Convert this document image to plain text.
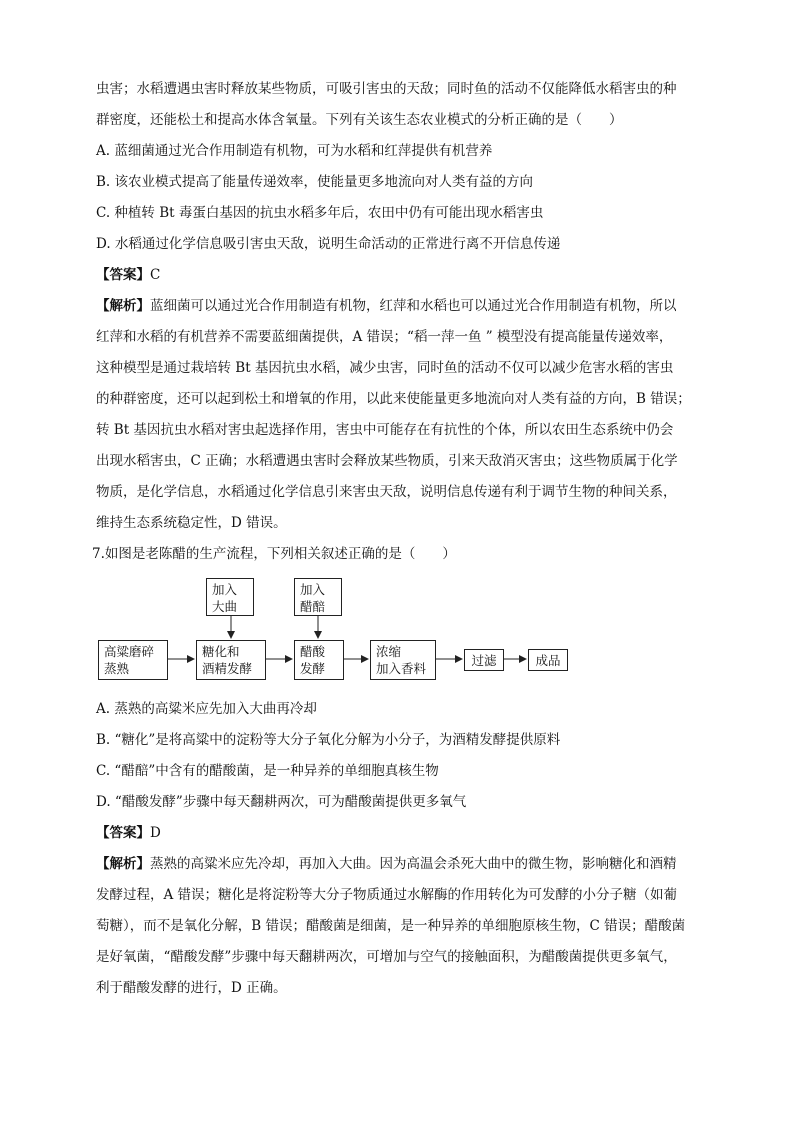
虫害；水稻遭遇虫害时释放某些物质，可吸引害虫的天敌；同时鱼的活动不仅能降低水稻害虫的种

群密度，还能松土和提高水体含氧量。下列有关该生态农业模式的分析正确的是（　　）

A. 蓝细菌通过光合作用制造有机物，可为水稻和红萍提供有机营养

B. 该农业模式提高了能量传递效率，使能量更多地流向对人类有益的方向

C. 种植转 Bt 毒蛋白基因的抗虫水稻多年后，农田中仍有可能出现水稻害虫

D. 水稻通过化学信息吸引害虫天敌，说明生命活动的正常进行离不开信息传递

【答案】C

【解析】蓝细菌可以通过光合作用制造有机物，红萍和水稻也可以通过光合作用制造有机物，所以

红萍和水稻的有机营养不需要蓝细菌提供，A 错误；“稻一萍一鱼 ” 模型没有提高能量传递效率，

这种模型是通过栽培转 Bt 基因抗虫水稻，减少虫害，同时鱼的活动不仅可以减少危害水稻的害虫

的种群密度，还可以起到松土和增氧的作用，以此来使能量更多地流向对人类有益的方向，B 错误；

转 Bt 基因抗虫水稻对害虫起选择作用，害虫中可能存在有抗性的个体，所以农田生态系统中仍会

出现水稻害虫，C 正确；水稻遭遇虫害时会释放某些物质，引来天敌消灭害虫；这些物质属于化学

物质，是化学信息，水稻通过化学信息引来害虫天敌，说明信息传递有利于调节生物的种间关系，

维持生态系统稳定性，D 错误。

7.如图是老陈醋的生产流程，下列相关叙述正确的是（　　）

加入
大曲
加入
醋醅
高粱磨碎
蒸熟
糖化和
酒精发酵
醋酸
发酵
浓缩
加入香料
过滤	成品

A. 蒸熟的高粱米应先加入大曲再冷却

B. “糖化”是将高粱中的淀粉等大分子氧化分解为小分子，为酒精发酵提供原料

C. “醋醅”中含有的醋酸菌，是一种异养的单细胞真核生物

D. “醋酸发酵”步骤中每天翻耕两次，可为醋酸菌提供更多氧气

【答案】D

【解析】蒸熟的高粱米应先冷却，再加入大曲。因为高温会杀死大曲中的微生物，影响糖化和酒精

发酵过程，A 错误；糖化是将淀粉等大分子物质通过水解酶的作用转化为可发酵的小分子糖（如葡

萄糖），而不是氧化分解，B 错误；醋酸菌是细菌，是一种异养的单细胞原核生物，C 错误；醋酸菌

是好氧菌，“醋酸发酵”步骤中每天翻耕两次，可增加与空气的接触面积，为醋酸菌提供更多氧气，

利于醋酸发酵的进行，D 正确。
